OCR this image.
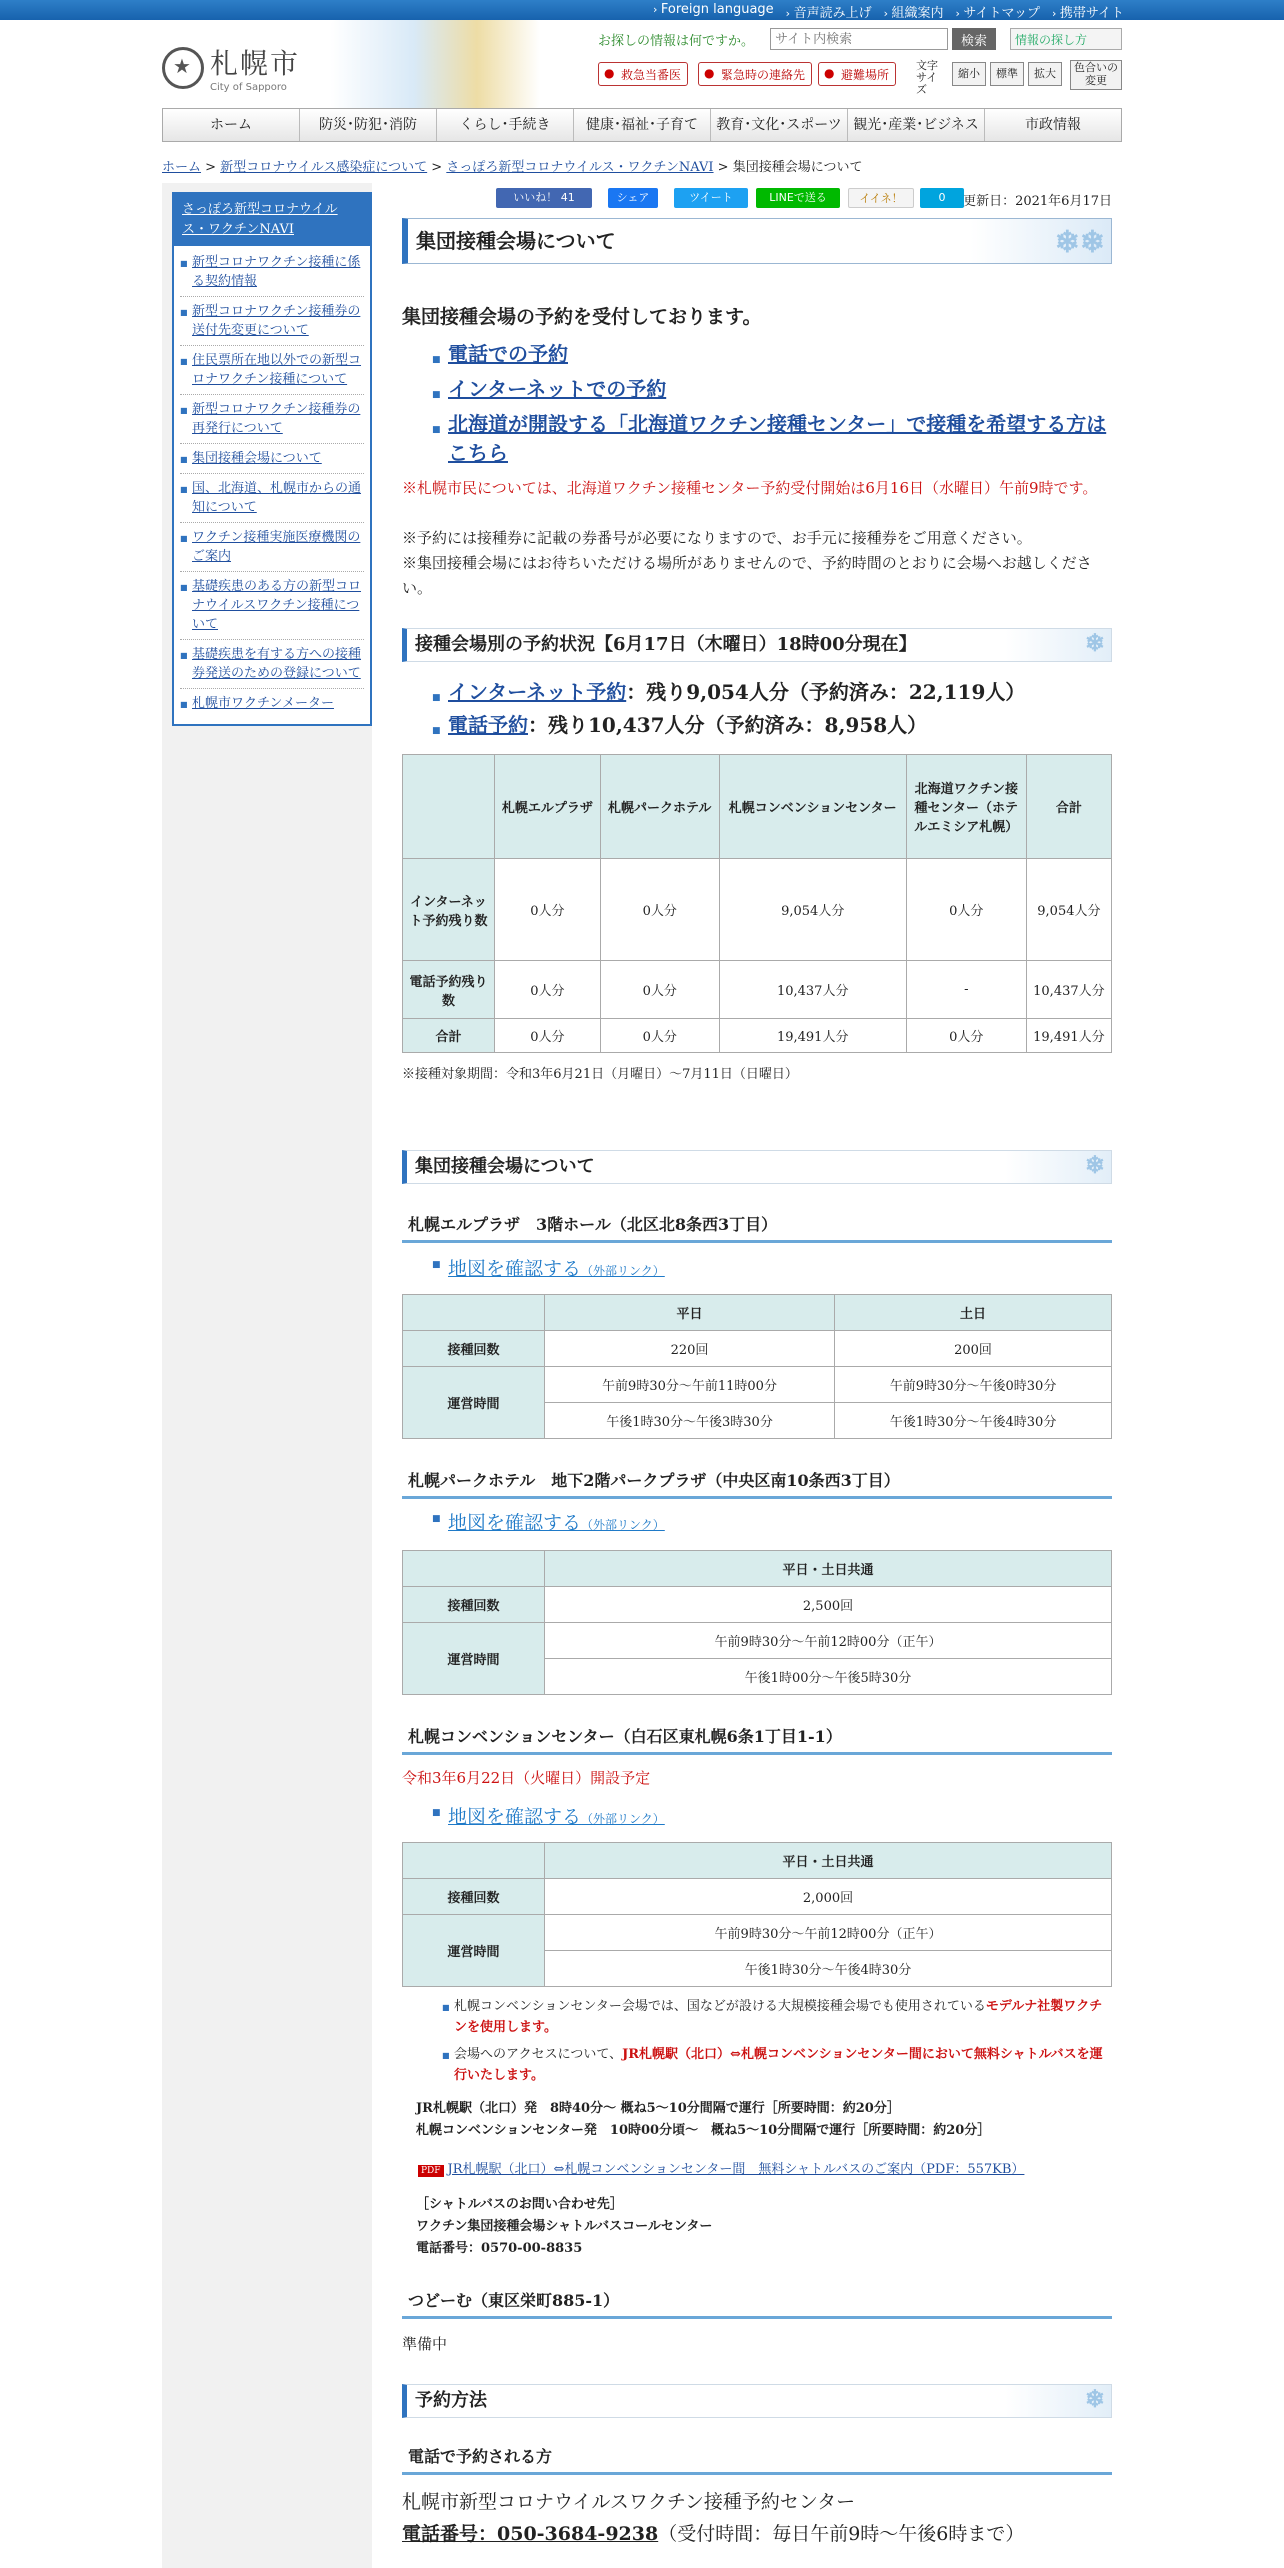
› Foreign language	› 音声読み上げ	› 組織案内	› サイトマップ	› 携帯サイト
★
札幌市
City of Sapporo
お探しの情報は何ですか。
サイト内検索	検索	情報の探し方
● 救急当番医	● 緊急時の連絡先	● 避難場所
文字サイズ
縮小	標準	拡大	色合いの変更
ホーム	防災･防犯･消防	くらし･手続き	健康･福祉･子育て	教育･文化･スポーツ 観光･産業･ビジネス	市政情報
ホーム > 新型コロナウイルス感染症について > さっぽろ新型コロナウイルス・ワクチンNAVI > 集団接種会場について
さっぽろ新型コロナウイルス・ワクチンNAVI
■ 新型コロナワクチン接種に係る契約情報
■ 新型コロナワクチン接種券の送付先変更について
■ 住民票所在地以外での新型コロナワクチン接種について
■ 新型コロナワクチン接種券の再発行について
■ 集団接種会場について
■ 国、北海道、札幌市からの通知について
■ ワクチン接種実施医療機関のご案内
■ 基礎疾患のある方の新型コロナウイルスワクチン接種について
■ 基礎疾患を有する方への接種券発送のための登録について
■ 札幌市ワクチンメーター
いいね！ 41	シェア	ツイート	LINEで送る	イイネ！	0	更新日：2021年6月17日
集団接種会場について	❄❄
集団接種会場の予約を受付しております。
■ 電話での予約
■ インターネットでの予約
■ 北海道が開設する「北海道ワクチン接種センター」で接種を希望する方はこちら
※札幌市民については、北海道ワクチン接種センター予約受付開始は6月16日（水曜日）午前9時です。
※予約には接種券に記載の券番号が必要になりますので、お手元に接種券をご用意ください。
※集団接種会場にはお待ちいただける場所がありませんので、予約時間のとおりに会場へお越しください。
接種会場別の予約状況【6月17日（木曜日）18時00分現在】	❄
■ インターネット予約：残り9,054人分（予約済み：22,119人）
■ 電話予約：残り10,437人分（予約済み：8,958人）
	札幌エルプラザ	札幌パークホテル	札幌コンベンションセンター	北海道ワクチン接種センター（ホテルエミシア札幌）	合計
インターネット予約残り数	0人分	0人分	9,054人分	0人分	9,054人分
電話予約残り数	0人分	0人分	10,437人分	-	10,437人分
合計	0人分	0人分	19,491人分	0人分	19,491人分
※接種対象期間：令和3年6月21日（月曜日）～7月11日（日曜日）
集団接種会場について	❄
札幌エルプラザ　3階ホール（北区北8条西3丁目）
■ 地図を確認する（外部リンク）
	平日	土日
接種回数	220回	200回
運営時間	午前9時30分～午前11時00分	午前9時30分～午後0時30分
	午後1時30分～午後3時30分	午後1時30分～午後4時30分
札幌パークホテル　地下2階パークプラザ（中央区南10条西3丁目）
■ 地図を確認する（外部リンク）
	平日・土日共通
接種回数	2,500回
運営時間	午前9時30分～午前12時00分（正午）
	午後1時00分～午後5時30分
札幌コンベンションセンター（白石区東札幌6条1丁目1-1）
令和3年6月22日（火曜日）開設予定
■ 地図を確認する（外部リンク）
	平日・土日共通
接種回数	2,000回
運営時間	午前9時30分～午前12時00分（正午）
	午後1時30分～午後4時30分
■ 札幌コンベンションセンター会場では、国などが設ける大規模接種会場でも使用されているモデルナ社製ワクチンを使用します。
■ 会場へのアクセスについて、JR札幌駅（北口）⇔札幌コンベンションセンター間において無料シャトルバスを運行いたします。
JR札幌駅（北口）発　8時40分～ 概ね5～10分間隔で運行［所要時間：約20分］
札幌コンベンションセンター発　10時00分頃～　概ね5～10分間隔で運行［所要時間：約20分］
PDF JR札幌駅（北口）⇔札幌コンベンションセンター間　無料シャトルバスのご案内（PDF：557KB）
［シャトルバスのお問い合わせ先］
ワクチン集団接種会場シャトルバスコールセンター
電話番号：0570-00-8835
つどーむ（東区栄町885-1）
準備中
予約方法	❄
電話で予約される方
札幌市新型コロナウイルスワクチン接種予約センター
電話番号：050-3684-9238（受付時間：毎日午前9時～午後6時まで）
